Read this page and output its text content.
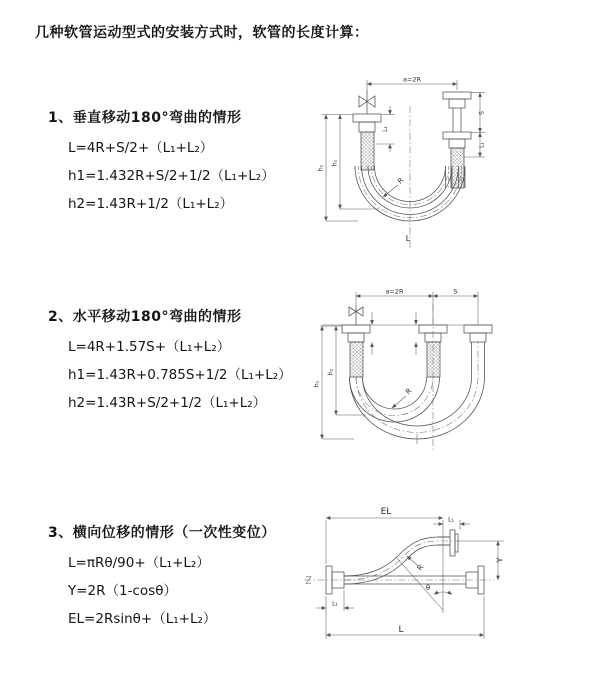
几种软管运动型式的安装方式时，软管的长度计算：
1、垂直移动180°弯曲的情形
L=4R+S/2+（L₁+L₂）
h1=1.432R+S/2+1/2（L₁+L₂）
h2=1.43R+1/2（L₁+L₂）
2、水平移动180°弯曲的情形
L=4R+1.57S+（L₁+L₂）
h1=1.43R+0.785S+1/2（L₁+L₂）
h2=1.43R+S/2+1/2（L₁+L₂）
3、横向位移的情形（一次性变位）
L=πRθ/90+（L₁+L₂）
Y=2R（1-cosθ）
EL=2Rsinθ+（L₁+L₂）
a=2R
L₁
S
L₁
h₂
h₁
R
L
a=2R	S
h₂
h₁
R
EL
L₁
Y
R
θ
L₁
L
